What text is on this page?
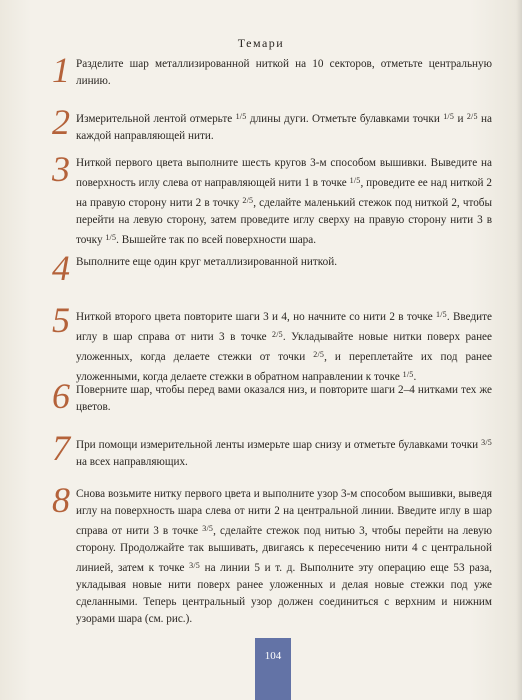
Темари
1 Разделите шар металлизированной ниткой на 10 секторов, отметьте центральную линию.

2 Измерительной лентой отмерьте $^{1/5}$ длины дуги. Отметьте булавками точки $^{1/5}$ и $^{2/5}$ на каждой направляющей нити.

3 Ниткой первого цвета выполните шесть кругов 3-м способом вышивки. Выведите на поверхность иглу слева от направляющей нити 1 в точке $^{1/5}$, проведите ее над ниткой 2 на правую сторону нити 2 в точку $^{2/5}$, сделайте маленький стежок под ниткой 2, чтобы перейти на левую сторону, затем проведите иглу сверху на правую сторону нити 3 в точку $^{1/5}$. Вышейте так по всей поверхности шара.

4 Выполните еще один круг металлизированной ниткой.

5 Ниткой второго цвета повторите шаги 3 и 4, но начните со нити 2 в точке $^{1/5}$. Введите иглу в шар справа от нити 3 в точке $^{2/5}$. Укладывайте новые нитки поверх ранее уложенных, когда делаете стежки от точки $^{2/5}$, и переплетайте их под ранее уложенными, когда делаете стежки в обратном направлении к точке $^{1/5}$.

6 Поверните шар, чтобы перед вами оказался низ, и повторите шаги 2–4 нитками тех же цветов.

7 При помощи измерительной ленты измерьте шар снизу и отметьте булавками точки $^{3/5}$ на всех направляющих.

8 Снова возьмите нитку первого цвета и выполните узор 3-м способом вышивки, выведя иглу на поверхность шара слева от нити 2 на центральной линии. Введите иглу в шар справа от нити 3 в точке $^{3/5}$, сделайте стежок под нитью 3, чтобы перейти на левую сторону. Продолжайте так вышивать, двигаясь к пересечению нити 4 с центральной линией, затем к точке $^{3/5}$ на линии 5 и т. д. Выполните эту операцию еще 53 раза, укладывая новые нити поверх ранее уложенных и делая новые стежки под уже сделанными. Теперь центральный узор должен соединиться с верхним и нижним узорами шара (см. рис.).

104
